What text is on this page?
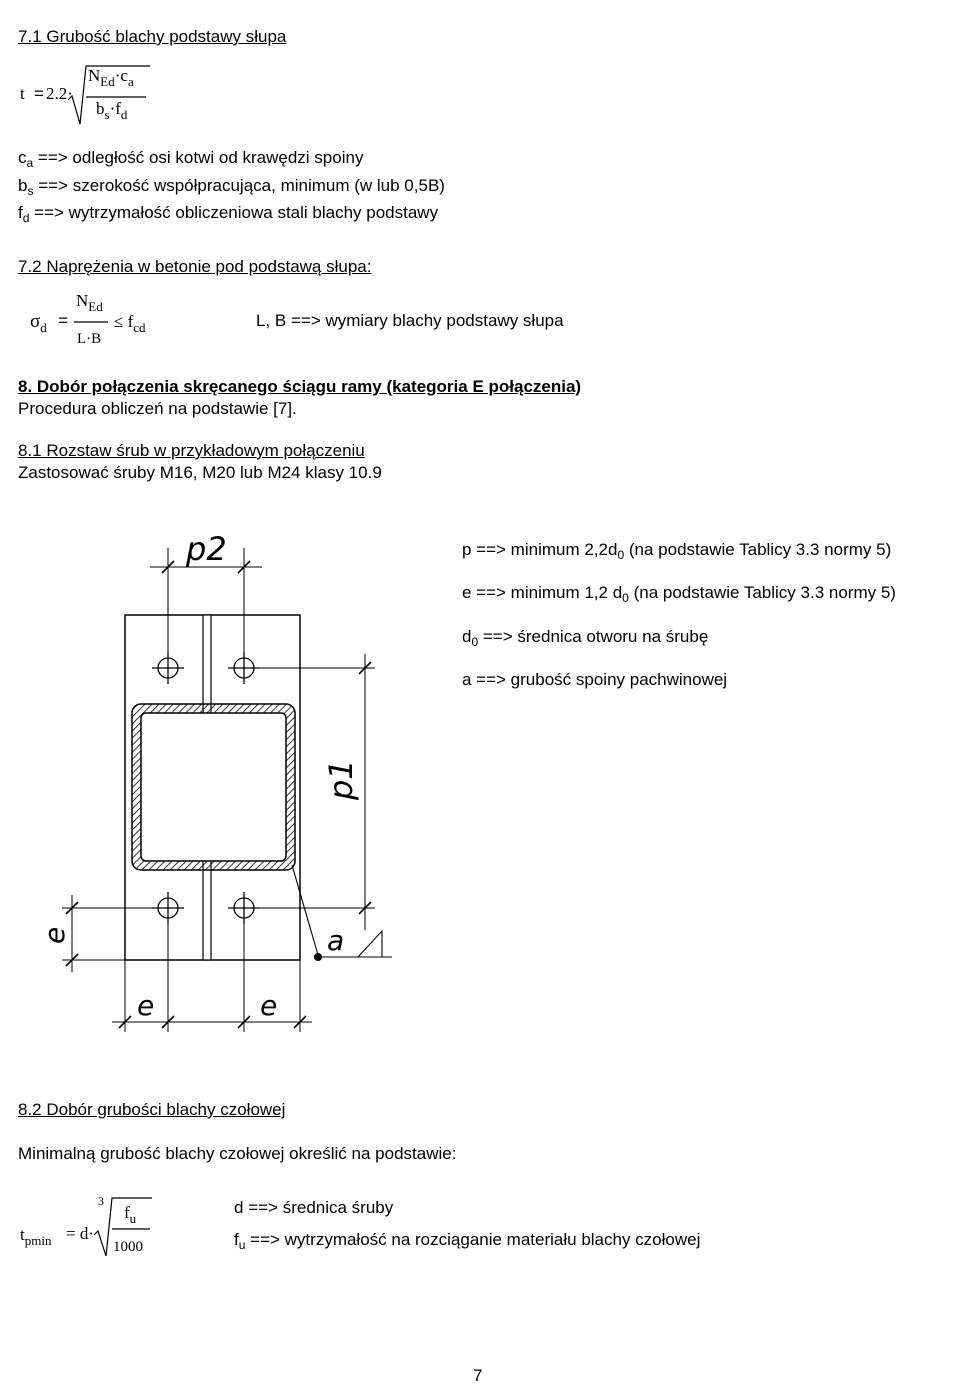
7.1 Grubość blachy podstawy słupa
t = 2.2·
$N_{Ed}\cdot c_a$
$b_s\cdot f_d$
$c_a$ ==> odległość osi kotwi od krawędzi spoiny
$b_s$ ==> szerokość współpracująca, minimum (w lub 0,5B)
$f_d$ ==> wytrzymałość obliczeniowa stali blachy podstawy
7.2 Naprężenia w betonie pod podstawą słupa:
$\sigma_d$ =
$N_{Ed}$
L·B
≤ $f_{cd}$	L, B ==> wymiary blachy podstawy słupa
8. Dobór połączenia skręcanego ściągu ramy (kategoria E połączenia)
Procedura obliczeń na podstawie [7].
8.1 Rozstaw śrub w przykładowym połączeniu
Zastosować śruby M16, M20 lub M24 klasy 10.9
p ==> minimum $2,2d_0$ (na podstawie Tablicy 3.3 normy 5)
e ==> minimum 1,2 $d_0$ (na podstawie Tablicy 3.3 normy 5)
$d_0$ ==> średnica otworu na śrubę
a ==> grubość spoiny pachwinowej
p2
p1
e
e	e
a
8.2 Dobór grubości blachy czołowej
Minimalną grubość blachy czołowej określić na podstawie:
$t_{pmin} = d\cdot$
3
$f_u$
1000
d ==> średnica śruby
$f_u$ ==> wytrzymałość na rozciąganie materiału blachy czołowej
7
